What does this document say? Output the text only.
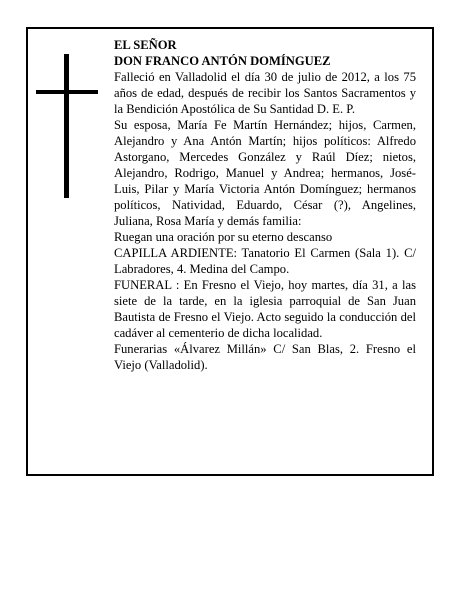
EL SEÑOR

DON FRANCO ANTÓN DOMÍNGUEZ

Falleció en Valladolid el día 30 de julio de 2012, a los 75 años de edad, después de recibir los Santos Sacramentos y la Bendición Apostólica de Su Santidad D. E. P.

Su esposa, María Fe Martín Hernández; hijos, Carmen, Alejandro y Ana Antón Martín; hijos políticos: Alfredo Astorgano, Mercedes González y Raúl Díez; nietos, Alejandro, Rodrigo, Manuel y Andrea; hermanos, José-Luis, Pilar y María Victoria Antón Domínguez; hermanos políticos, Natividad, Eduardo, César (?), Angelines, Juliana, Rosa María y demás familia:

Ruegan una oración por su eterno descanso

CAPILLA ARDIENTE: Tanatorio El Carmen (Sala 1). C/ Labradores, 4. Medina del Campo.

FUNERAL : En Fresno el Viejo, hoy martes, día 31, a las siete de la tarde, en la iglesia parroquial de San Juan Bautista de Fresno el Viejo. Acto seguido la conducción del cadáver al cementerio de dicha localidad.

Funerarias «Álvarez Millán» C/ San Blas, 2. Fresno el Viejo (Valladolid).
